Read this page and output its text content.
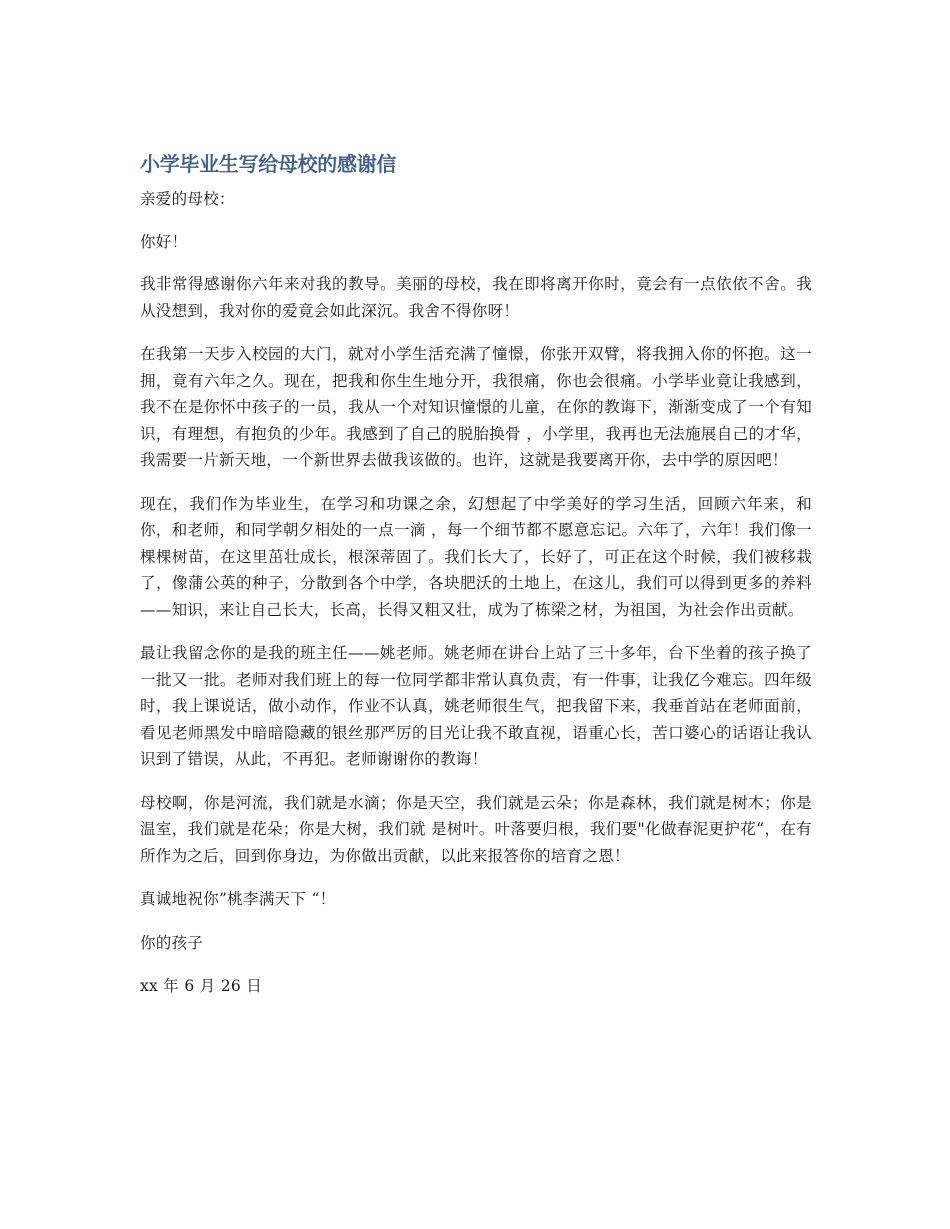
小学毕业生写给母校的感谢信

亲爱的母校：

你好！

我非常得感谢你六年来对我的教导。美丽的母校，我在即将离开你时，竟会有一点依依不舍。我从没想到，我对你的爱竟会如此深沉。我舍不得你呀！

在我第一天步入校园的大门，就对小学生活充满了憧憬，你张开双臂，将我拥入你的怀抱。这一拥，竟有六年之久。现在，把我和你生生地分开，我很痛，你也会很痛。小学毕业竟让我感到，我不在是你怀中孩子的一员，我从一个对知识憧憬的儿童，在你的教诲下，渐渐变成了一个有知识，有理想，有抱负的少年。我感到了自己的脱胎换骨 ，小学里，我再也无法施展自己的才华，我需要一片新天地，一个新世界去做我该做的。也许，这就是我要离开你，去中学的原因吧！

现在，我们作为毕业生，在学习和功课之余，幻想起了中学美好的学习生活，回顾六年来，和你，和老师，和同学朝夕相处的一点一滴 ，每一个细节都不愿意忘记。六年了，六年！我们像一棵棵树苗，在这里茁壮成长，根深蒂固了。我们长大了，长好了，可正在这个时候，我们被移栽了，像蒲公英的种子，分散到各个中学，各块肥沃的土地上，在这儿，我们可以得到更多的养料——知识，来让自己长大，长高，长得又粗又壮，成为了栋梁之材，为祖国，为社会作出贡献。

最让我留念你的是我的班主任——姚老师。姚老师在讲台上站了三十多年，台下坐着的孩子换了一批又一批。老师对我们班上的每一位同学都非常认真负责，有一件事，让我亿今难忘。四年级时，我上课说话，做小动作，作业不认真，姚老师很生气，把我留下来，我垂首站在老师面前，看见老师黑发中暗暗隐藏的银丝那严厉的目光让我不敢直视，语重心长，苦口婆心的话语让我认识到了错误，从此，不再犯。老师谢谢你的教诲！

母校啊，你是河流，我们就是水滴；你是天空，我们就是云朵；你是森林，我们就是树木；你是温室，我们就是花朵；你是大树，我们就 是树叶。叶落要归根，我们要"化做春泥更护花“，在有所作为之后，回到你身边，为你做出贡献，以此来报答你的培育之恩！

真诚地祝你”桃李满天下 “！

你的孩子

xx 年 6 月 26 日
